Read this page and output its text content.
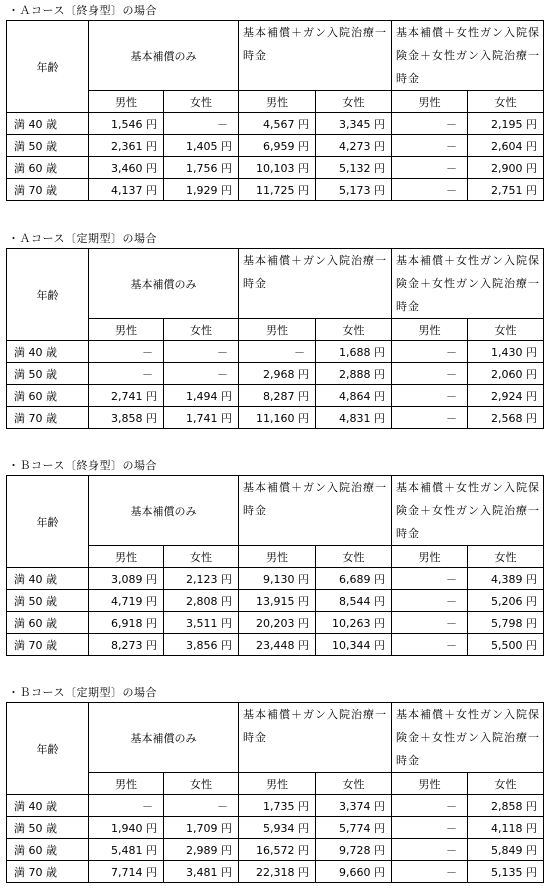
・Ａコース〔終身型〕の場合
年齢	基本補償のみ		基本補償＋ガン入院治療一時金		基本補償＋女性ガン入院保険金＋女性ガン入院治療一時金	
	男性	女性	男性	女性	男性	女性
満 40 歳	1,546 円	－	4,567 円	3,345 円	－	2,195 円
満 50 歳	2,361 円	1,405 円	6,959 円	4,273 円	－	2,604 円
満 60 歳	3,460 円	1,756 円	10,103 円	5,132 円	－	2,900 円
満 70 歳	4,137 円	1,929 円	11,725 円	5,173 円	－	2,751 円
・Ａコース〔定期型〕の場合
年齢	基本補償のみ		基本補償＋ガン入院治療一時金		基本補償＋女性ガン入院保険金＋女性ガン入院治療一時金	
	男性	女性	男性	女性	男性	女性
満 40 歳	－	－	－	1,688 円	－	1,430 円
満 50 歳	－	－	2,968 円	2,888 円	－	2,060 円
満 60 歳	2,741 円	1,494 円	8,287 円	4,864 円	－	2,924 円
満 70 歳	3,858 円	1,741 円	11,160 円	4,831 円	－	2,568 円
・Ｂコース〔終身型〕の場合
年齢	基本補償のみ		基本補償＋ガン入院治療一時金		基本補償＋女性ガン入院保険金＋女性ガン入院治療一時金	
	男性	女性	男性	女性	男性	女性
満 40 歳	3,089 円	2,123 円	9,130 円	6,689 円	－	4,389 円
満 50 歳	4,719 円	2,808 円	13,915 円	8,544 円	－	5,206 円
満 60 歳	6,918 円	3,511 円	20,203 円	10,263 円	－	5,798 円
満 70 歳	8,273 円	3,856 円	23,448 円	10,344 円	－	5,500 円
・Ｂコース〔定期型〕の場合
年齢	基本補償のみ		基本補償＋ガン入院治療一時金		基本補償＋女性ガン入院保険金＋女性ガン入院治療一時金	
	男性	女性	男性	女性	男性	女性
満 40 歳	－	－	1,735 円	3,374 円	－	2,858 円
満 50 歳	1,940 円	1,709 円	5,934 円	5,774 円	－	4,118 円
満 60 歳	5,481 円	2,989 円	16,572 円	9,728 円	－	5,849 円
満 70 歳	7,714 円	3,481 円	22,318 円	9,660 円	－	5,135 円
